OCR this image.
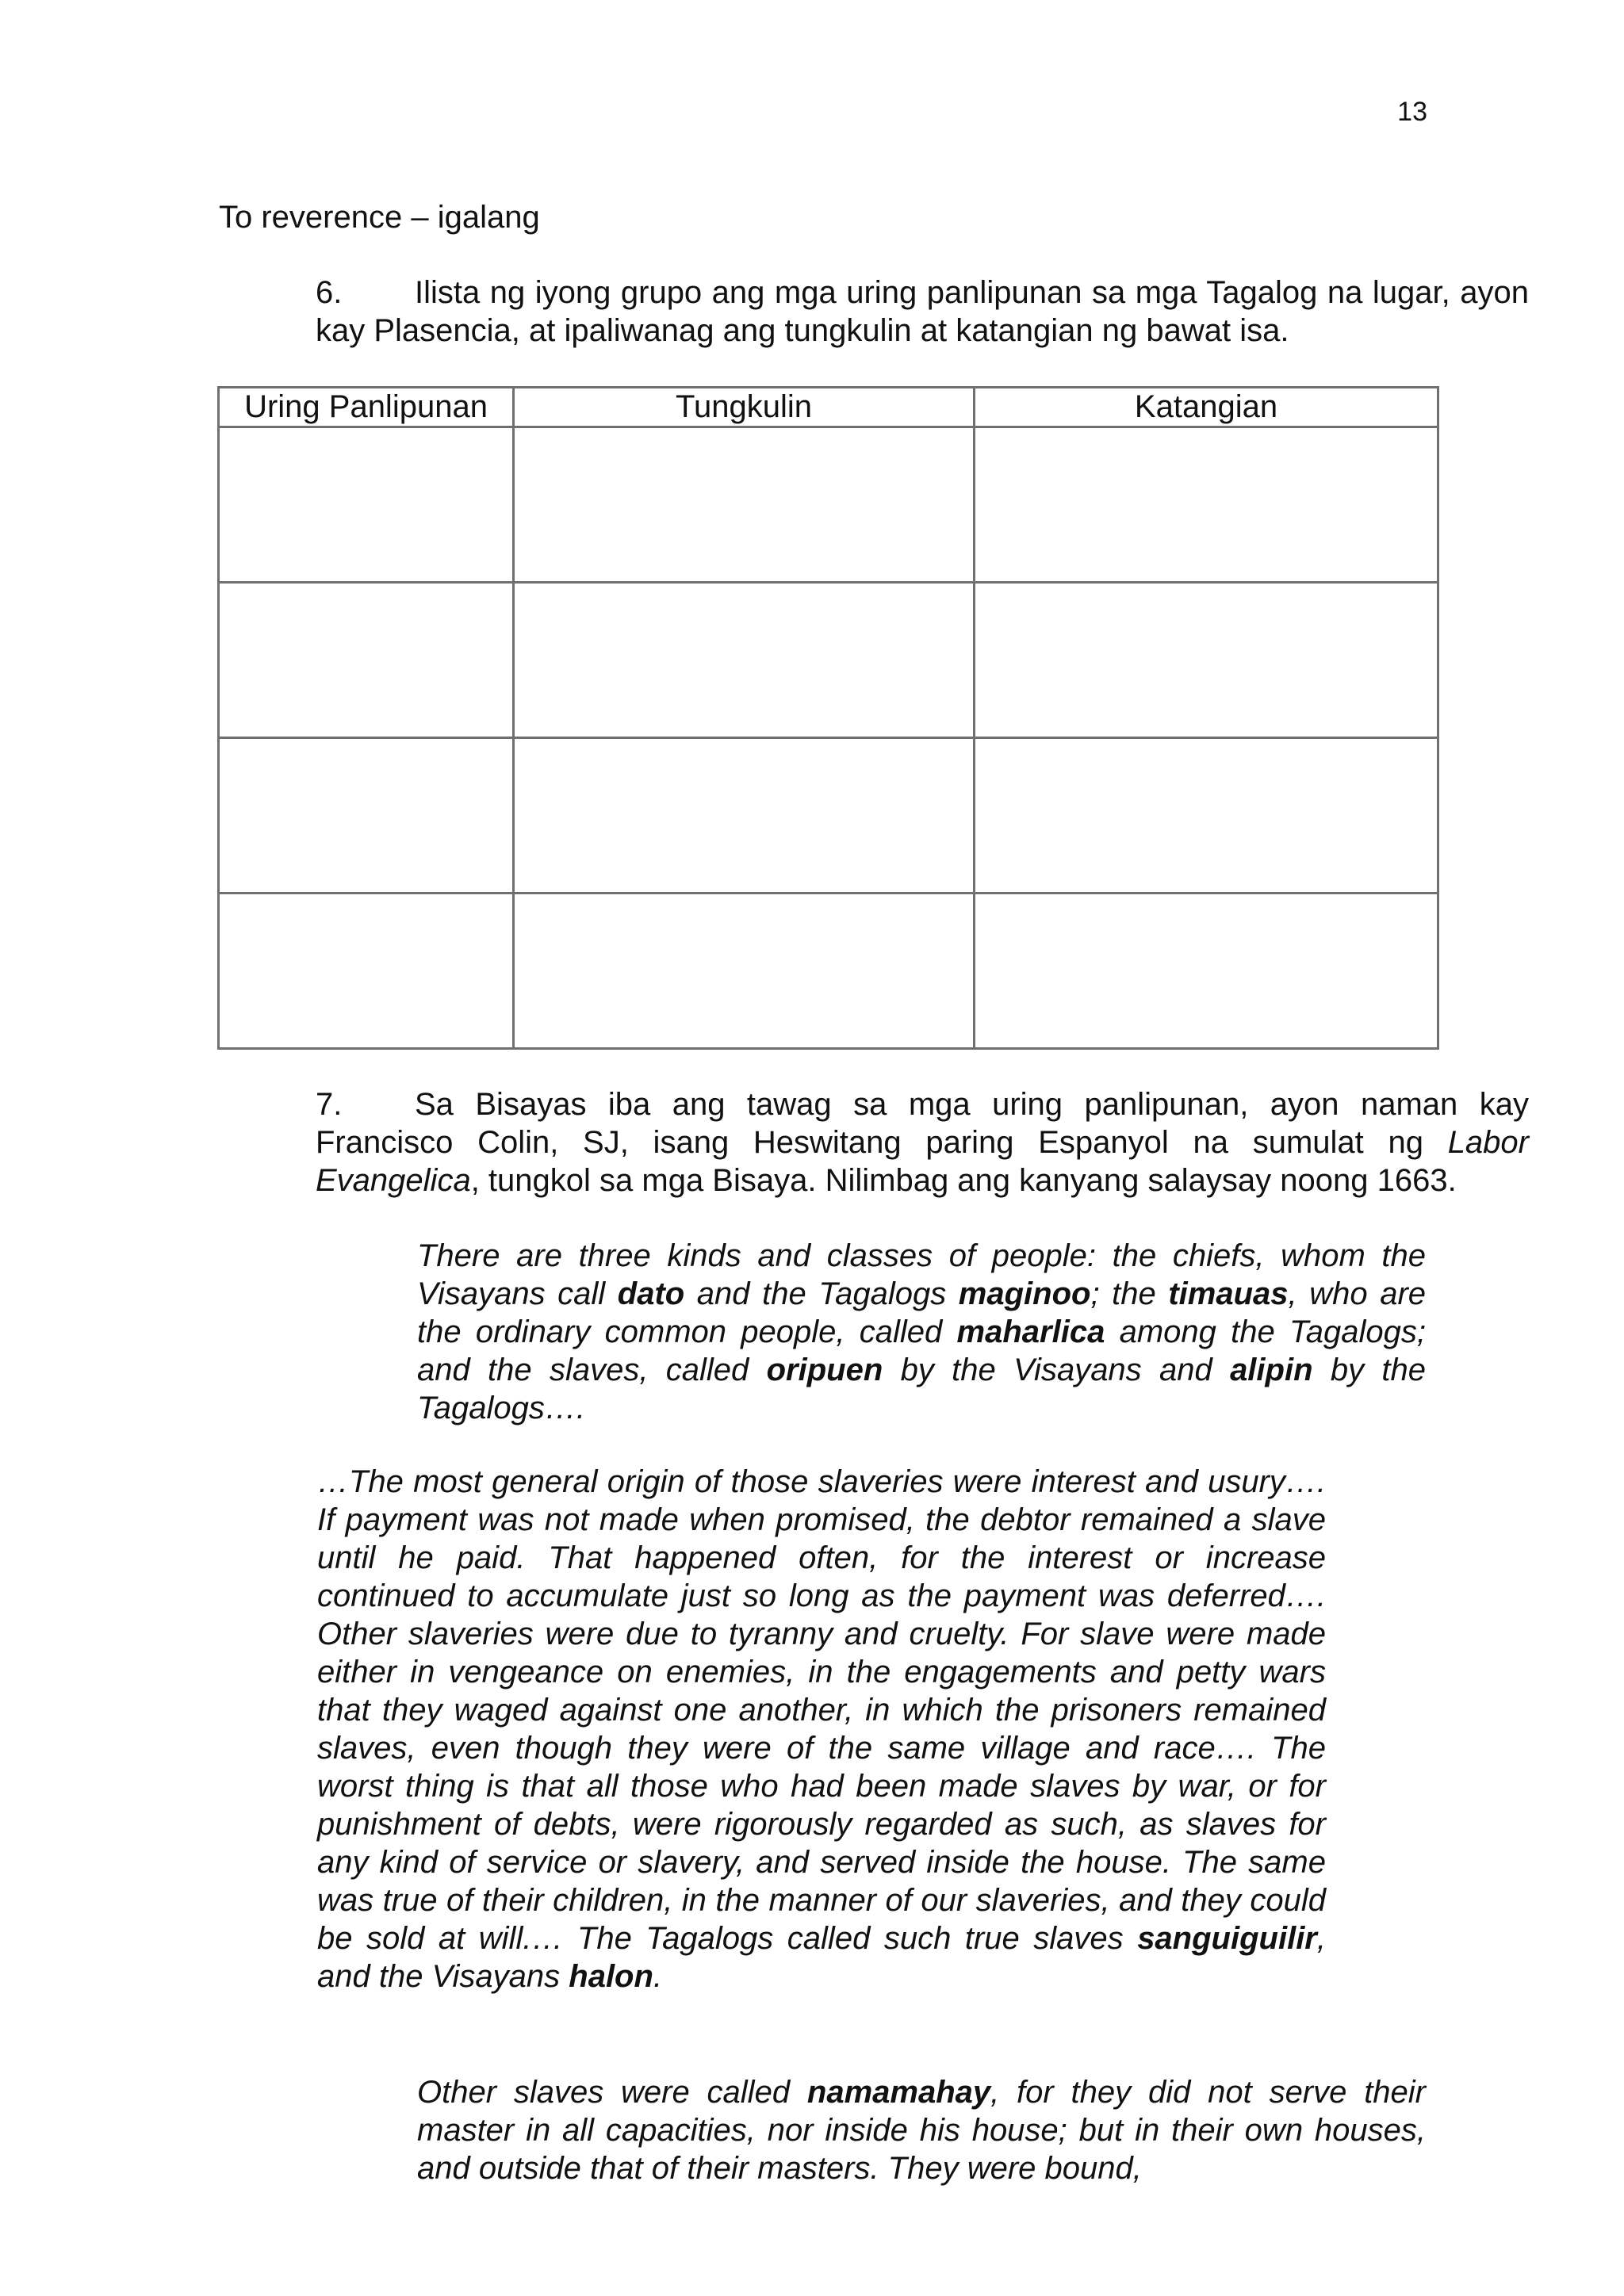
13
To reverence – igalang
6. Ilista ng iyong grupo ang mga uring panlipunan sa mga Tagalog na lugar, ayon kay Plasencia, at ipaliwanag ang tungkulin at katangian ng bawat isa.
Uring Panlipunan	Tungkulin	Katangian

7. Sa Bisayas iba ang tawag sa mga uring panlipunan, ayon naman kay Francisco Colin, SJ, isang Heswitang paring Espanyol na sumulat ng Labor Evangelica, tungkol sa mga Bisaya. Nilimbag ang kanyang salaysay noong 1663.
There are three kinds and classes of people: the chiefs, whom the Visayans call dato and the Tagalogs maginoo; the timauas, who are the ordinary common people, called maharlica among the Tagalogs; and the slaves, called oripuen by the Visayans and alipin by the Tagalogs….
…The most general origin of those slaveries were interest and usury…. If payment was not made when promised, the debtor remained a slave until he paid. That happened often, for the interest or increase continued to accumulate just so long as the payment was deferred…. Other slaveries were due to tyranny and cruelty. For slave were made either in vengeance on enemies, in the engagements and petty wars that they waged against one another, in which the prisoners remained slaves, even though they were of the same village and race…. The worst thing is that all those who had been made slaves by war, or for punishment of debts, were rigorously regarded as such, as slaves for any kind of service or slavery, and served inside the house. The same was true of their children, in the manner of our slaveries, and they could be sold at will.… The Tagalogs called such true slaves sanguiguilir, and the Visayans halon.
Other slaves were called namamahay, for they did not serve their master in all capacities, nor inside his house; but in their own houses, and outside that of their masters. They were bound,
